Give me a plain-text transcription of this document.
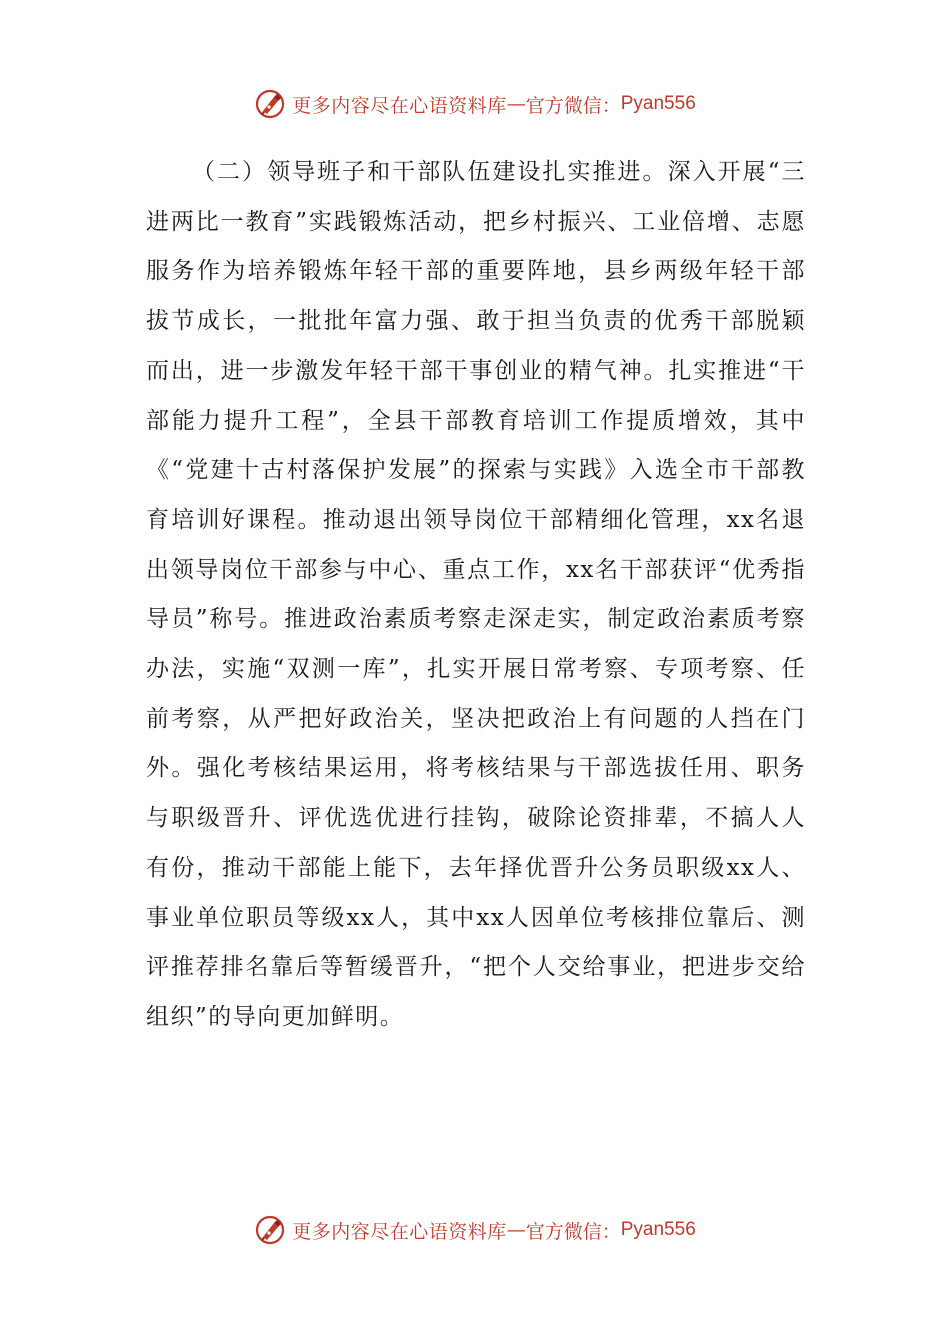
更多内容尽在心语资料库 — 官方微信： Pyan556

（二）领导班子和干部队伍建设扎实推进。深入开展“三进两比一教育”实践锻炼活动，把乡村振兴、工业倍增、志愿服务作为培养锻炼年轻干部的重要阵地，县乡两级年轻干部拔节成长，一批批年富力强、敢于担当负责的优秀干部脱颖而出，进一步激发年轻干部干事创业的精气神。扎实推进“干部能力提升工程”，全县干部教育培训工作提质增效，其中《“党建十古村落保护发展”的探索与实践》入选全市干部教育培训好课程。推动退出领导岗位干部精细化管理，xx名退出领导岗位干部参与中心、重点工作，xx名干部获评“优秀指导员”称号。推进政治素质考察走深走实，制定政治素质考察办法，实施“双测一库”，扎实开展日常考察、专项考察、任前考察，从严把好政治关，坚决把政治上有问题的人挡在门外。强化考核结果运用，将考核结果与干部选拔任用、职务与职级晋升、评优选优进行挂钩，破除论资排辈，不搞人人有份，推动干部能上能下，去年择优晋升公务员职级xx人、事业单位职员等级xx人，其中xx人因单位考核排位靠后、测评推荐排名靠后等暂缓晋升，“把个人交给事业，把进步交给组织”的导向更加鲜明。

更多内容尽在心语资料库 — 官方微信： Pyan556
